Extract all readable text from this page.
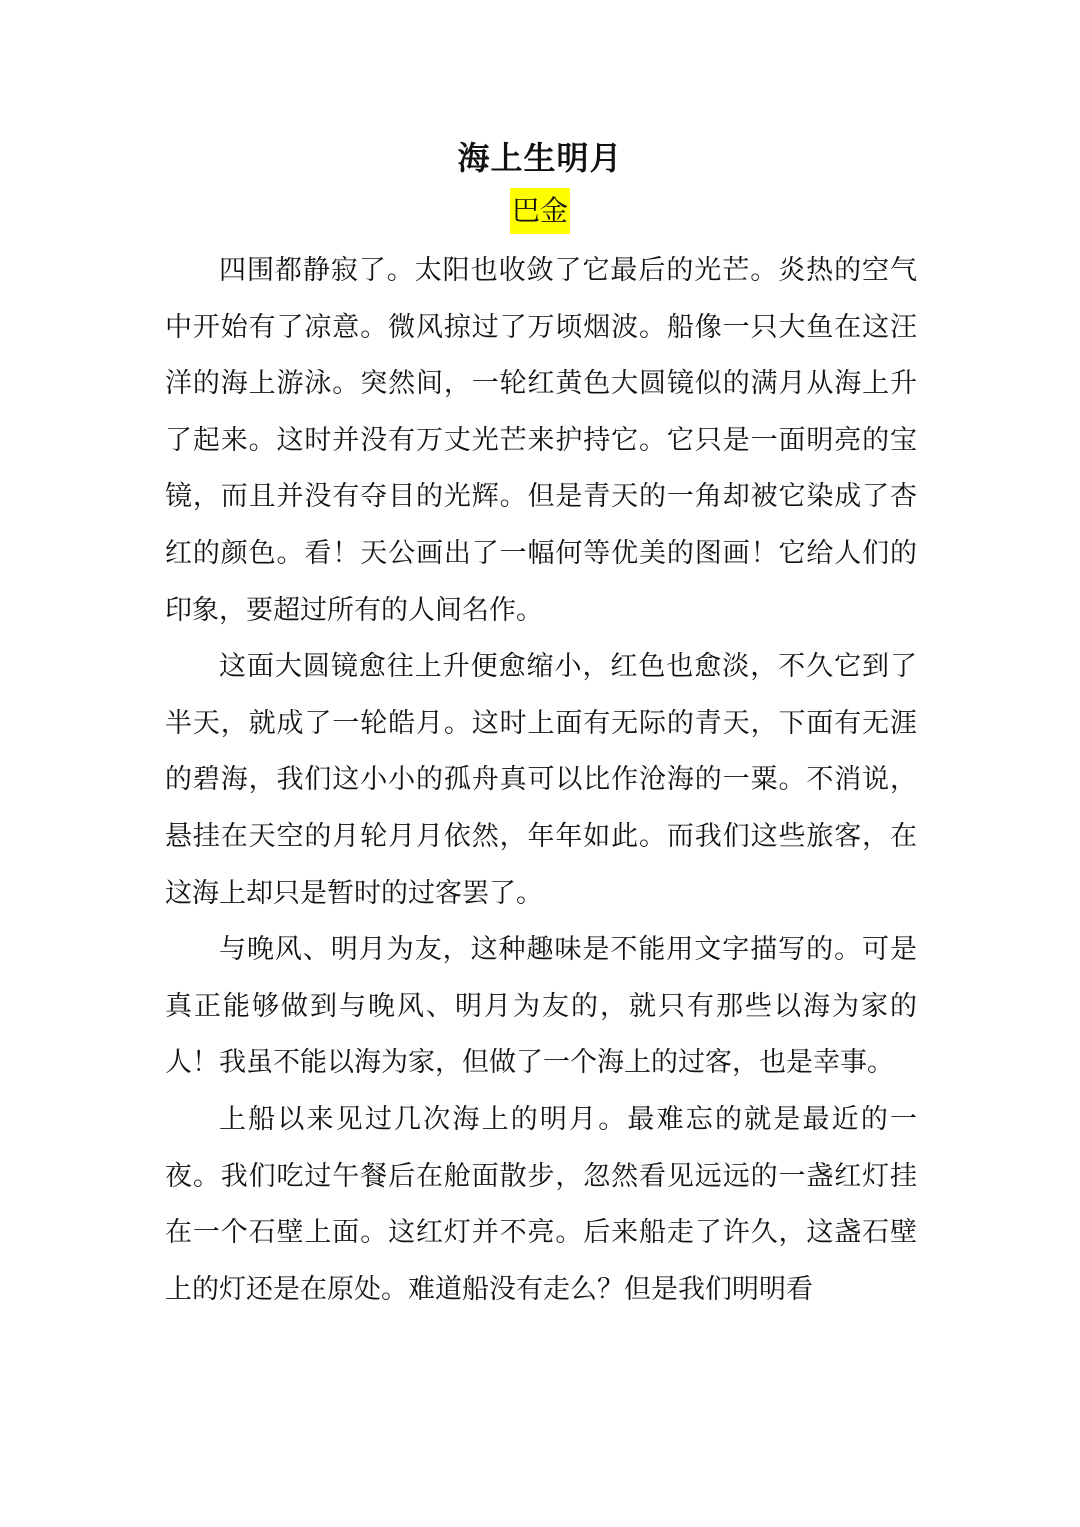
海上生明月
巴金

四围都静寂了。太阳也收敛了它最后的光芒。炎热的空气中开始有了凉意。微风掠过了万顷烟波。船像一只大鱼在这汪洋的海上游泳。突然间，一轮红黄色大圆镜似的满月从海上升了起来。这时并没有万丈光芒来护持它。它只是一面明亮的宝镜，而且并没有夺目的光辉。但是青天的一角却被它染成了杏红的颜色。看！天公画出了一幅何等优美的图画！它给人们的印象，要超过所有的人间名作。

这面大圆镜愈往上升便愈缩小，红色也愈淡，不久它到了半天，就成了一轮皓月。这时上面有无际的青天，下面有无涯的碧海，我们这小小的孤舟真可以比作沧海的一粟。不消说，悬挂在天空的月轮月月依然，年年如此。而我们这些旅客，在这海上却只是暂时的过客罢了。

与晚风、明月为友，这种趣味是不能用文字描写的。可是真正能够做到与晚风、明月为友的，就只有那些以海为家的人！我虽不能以海为家，但做了一个海上的过客，也是幸事。

上船以来见过几次海上的明月。最难忘的就是最近的一夜。我们吃过午餐后在舱面散步，忽然看见远远的一盏红灯挂在一个石壁上面。这红灯并不亮。后来船走了许久，这盏石壁上的灯还是在原处。难道船没有走么？但是我们明明看
